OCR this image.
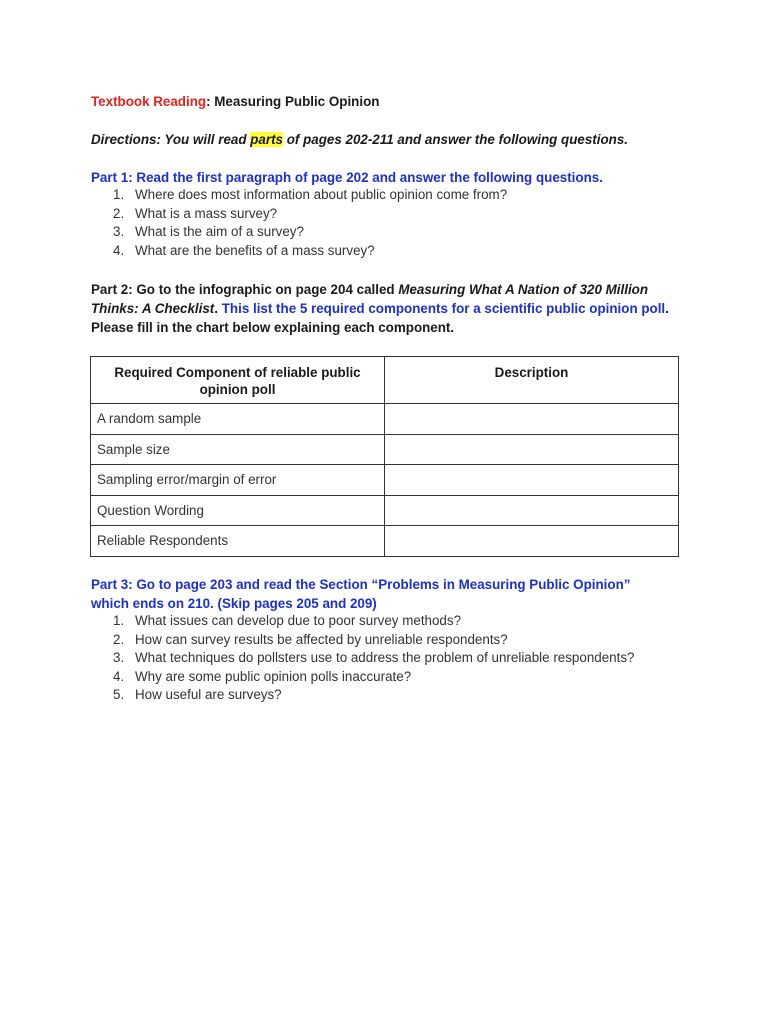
Textbook Reading: Measuring Public Opinion
Directions: You will read parts of pages 202-211 and answer the following questions.
Part 1: Read the first paragraph of page 202 and answer the following questions.
1. Where does most information about public opinion come from?
2. What is a mass survey?
3. What is the aim of a survey?
4. What are the benefits of a mass survey?
Part 2: Go to the infographic on page 204 called Measuring What A Nation of 320 Million Thinks: A Checklist. This list the 5 required components for a scientific public opinion poll. Please fill in the chart below explaining each component.
Required Component of reliable public opinion poll	Description
A random sample	
Sample size	
Sampling error/margin of error	
Question Wording	
Reliable Respondents	
Part 3: Go to page 203 and read the Section “Problems in Measuring Public Opinion” which ends on 210. (Skip pages 205 and 209)
1. What issues can develop due to poor survey methods?
2. How can survey results be affected by unreliable respondents?
3. What techniques do pollsters use to address the problem of unreliable respondents?
4. Why are some public opinion polls inaccurate?
5. How useful are surveys?
